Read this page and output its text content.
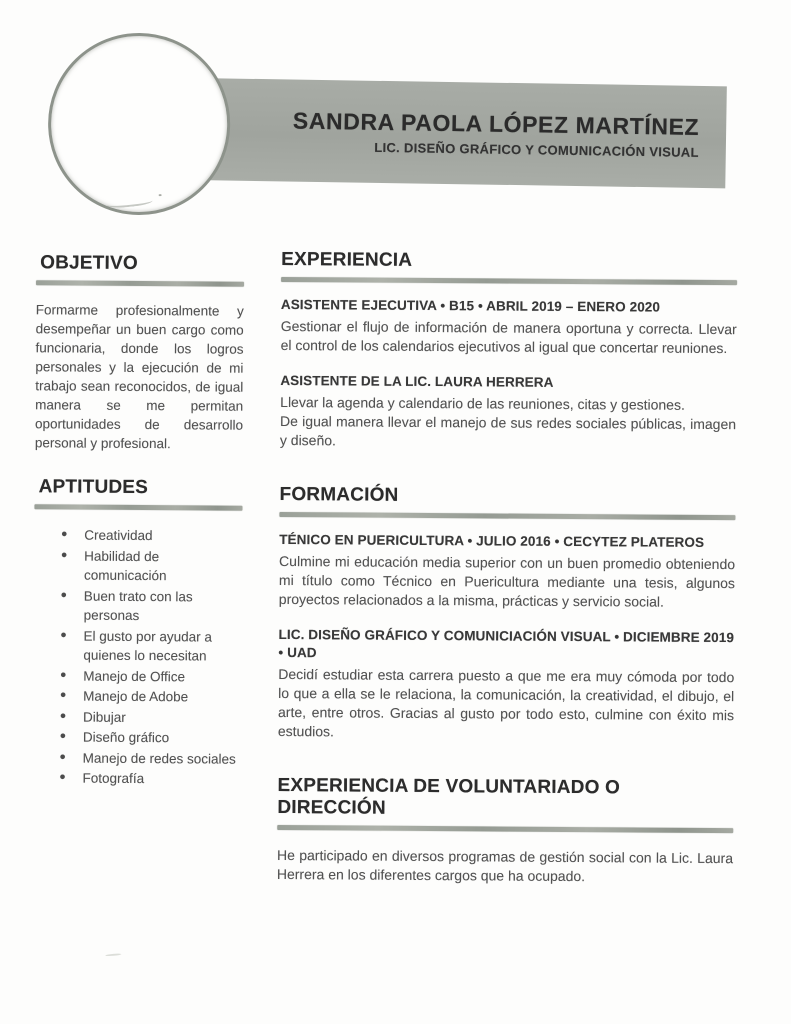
SANDRA PAOLA LÓPEZ MARTÍNEZ
LIC. DISEÑO GRÁFICO Y COMUNICACIÓN VISUAL
OBJETIVO

Formarme profesionalmente y desempeñar un buen cargo como funcionaria, donde los logros personales y la ejecución de mi trabajo sean reconocidos, de igual manera se me permitan oportunidades de desarrollo personal y profesional.

APTITUDES
• Creatividad
• Habilidad de comunicación
• Buen trato con las personas
• El gusto por ayudar a quienes lo necesitan
• Manejo de Office
• Manejo de Adobe
• Dibujar
• Diseño gráfico
• Manejo de redes sociales
• Fotografía
EXPERIENCIA

ASISTENTE EJECUTIVA • B15 • ABRIL 2019 – ENERO 2020

Gestionar el flujo de información de manera oportuna y correcta. Llevar el control de los calendarios ejecutivos al igual que concertar reuniones.

ASISTENTE DE LA LIC. LAURA HERRERA

Llevar la agenda y calendario de las reuniones, citas y gestiones.

De igual manera llevar el manejo de sus redes sociales públicas, imagen y diseño.

FORMACIÓN

TÉNICO EN PUERICULTURA • JULIO 2016 • CECYTEZ PLATEROS

Culmine mi educación media superior con un buen promedio obteniendo mi título como Técnico en Puericultura mediante una tesis, algunos proyectos relacionados a la misma, prácticas y servicio social.

LIC. DISEÑO GRÁFICO Y COMUNICIACIÓN VISUAL • DICIEMBRE 2019 • UAD

Decidí estudiar esta carrera puesto a que me era muy cómoda por todo lo que a ella se le relaciona, la comunicación, la creatividad, el dibujo, el arte, entre otros. Gracias al gusto por todo esto, culmine con éxito mis estudios.

EXPERIENCIA DE VOLUNTARIADO O DIRECCIÓN

He participado en diversos programas de gestión social con la Lic. Laura Herrera en los diferentes cargos que ha ocupado.
